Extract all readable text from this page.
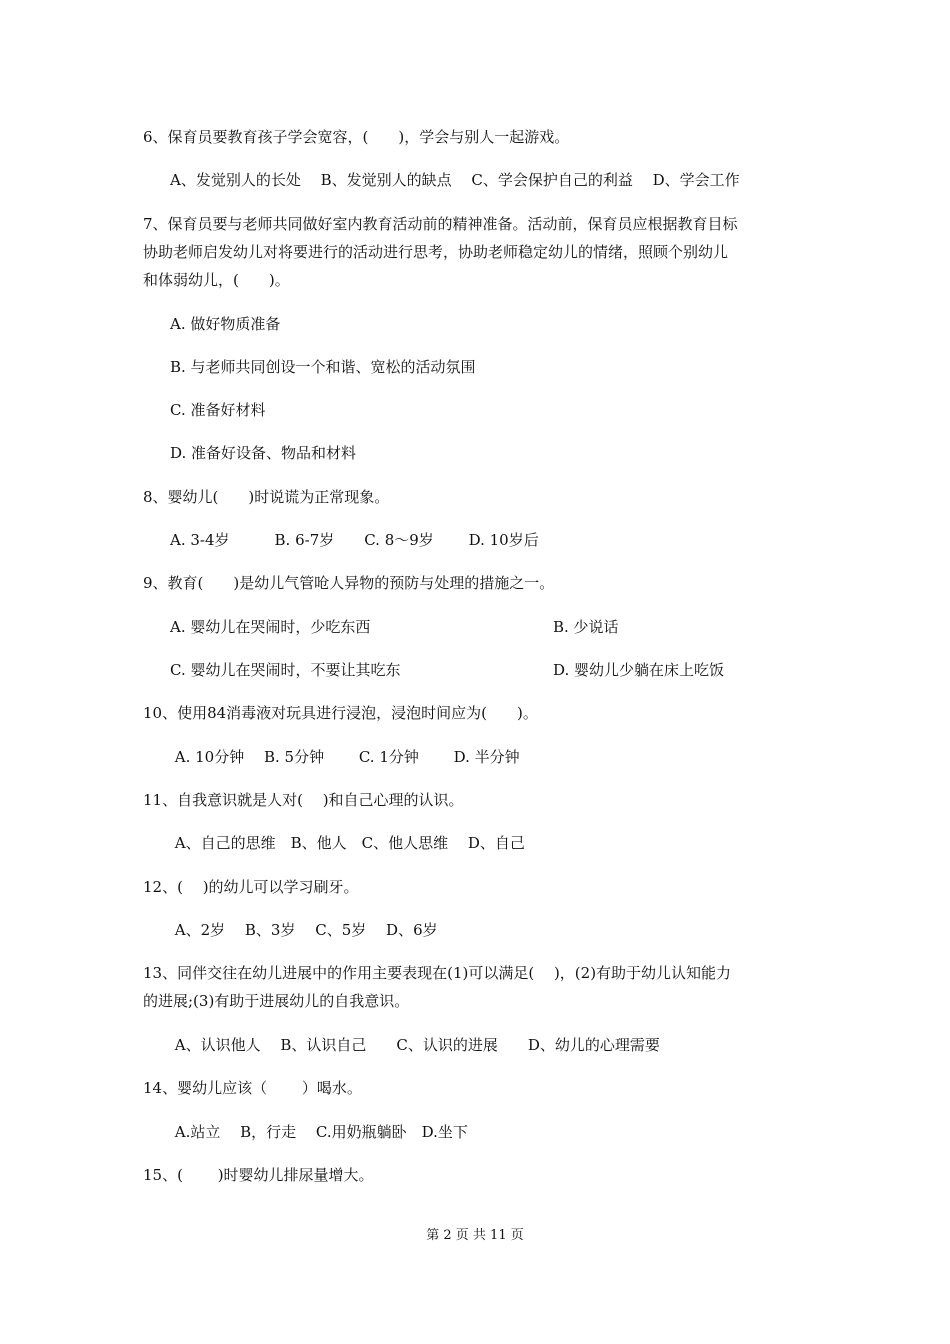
6、保育员要教育孩子学会宽容，(　　)，学会与别人一起游戏。
A、发觉别人的长处　 B、发觉别人的缺点　 C、学会保护自己的利益　 D、学会工作
7、保育员要与老师共同做好室内教育活动前的精神准备。活动前，保育员应根据教育目标
协助老师启发幼儿对将要进行的活动进行思考，协助老师稳定幼儿的情绪，照顾个别幼儿
和体弱幼儿，(　　)。
A. 做好物质准备
B. 与老师共同创设一个和谐、宽松的活动氛围
C. 准备好材料
D. 准备好设备、物品和材料
8、婴幼儿(　　)时说谎为正常现象。
A. 3-4岁　　　B. 6-7岁　　C. 8～9岁　　 D. 10岁后
9、教育(　　)是幼儿气管呛人异物的预防与处理的措施之一。
A. 婴幼儿在哭闹时，少吃东西	B. 少说话
C. 婴幼儿在哭闹时，不要让其吃东	D. 婴幼儿少躺在床上吃饭
10、使用84消毒液对玩具进行浸泡，浸泡时间应为(　　)。
A. 10分钟　 B. 5分钟　　 C. 1分钟　　 D. 半分钟
11、自我意识就是人对(　 )和自己心理的认识。
A、自己的思维　B、他人　C、他人思维　 D、自己
12、(　 )的幼儿可以学习刷牙。
A、2岁　 B、3岁　 C、5岁　 D、6岁
13、同伴交往在幼儿进展中的作用主要表现在(1)可以满足(　 )，(2)有助于幼儿认知能力
的进展;(3)有助于进展幼儿的自我意识。
A、认识他人　 B、认识自己　　C、认识的进展　　D、幼儿的心理需要
14、婴幼儿应该（　　 ）喝水。
A.站立　 B，行走　 C.用奶瓶躺卧　D.坐下
15、(　　 )时婴幼儿排尿量增大。
第 2 页 共 11 页
